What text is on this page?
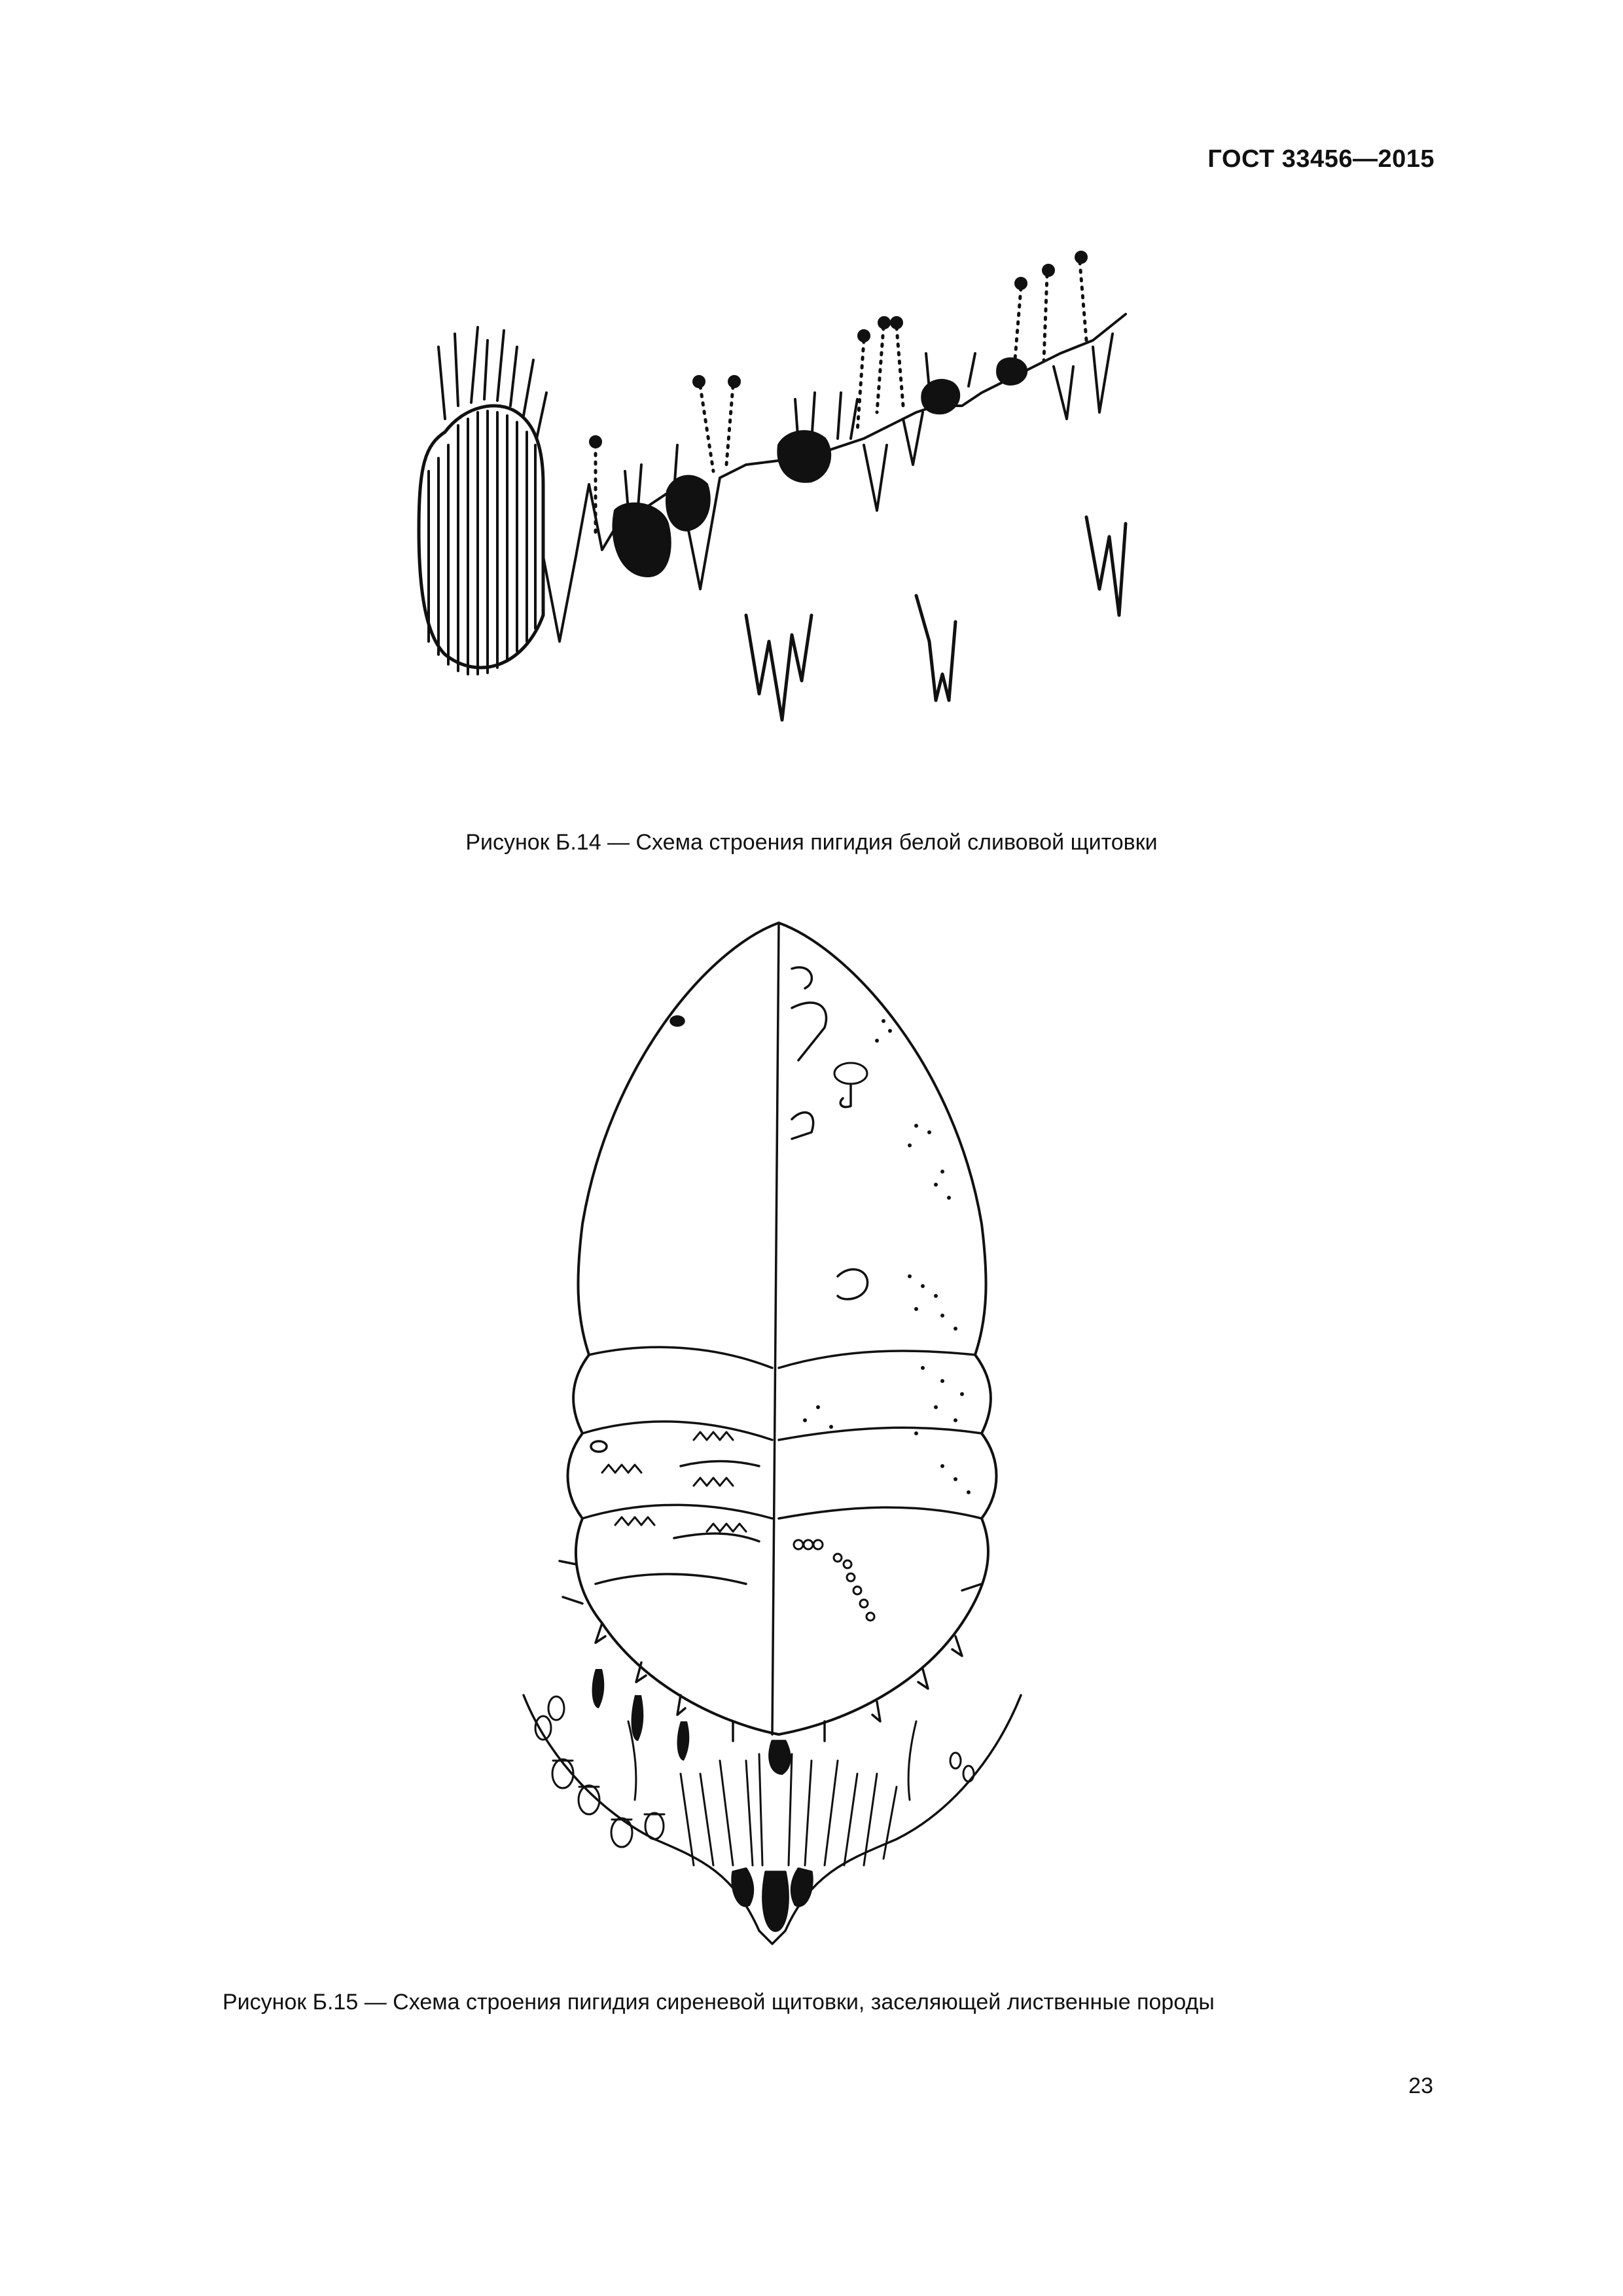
ГОСТ 33456—2015
Рисунок Б.14 — Схема строения пигидия белой сливовой щитовки
Рисунок Б.15 — Схема строения пигидия сиреневой щитовки, заселяющей лиственные породы
23
